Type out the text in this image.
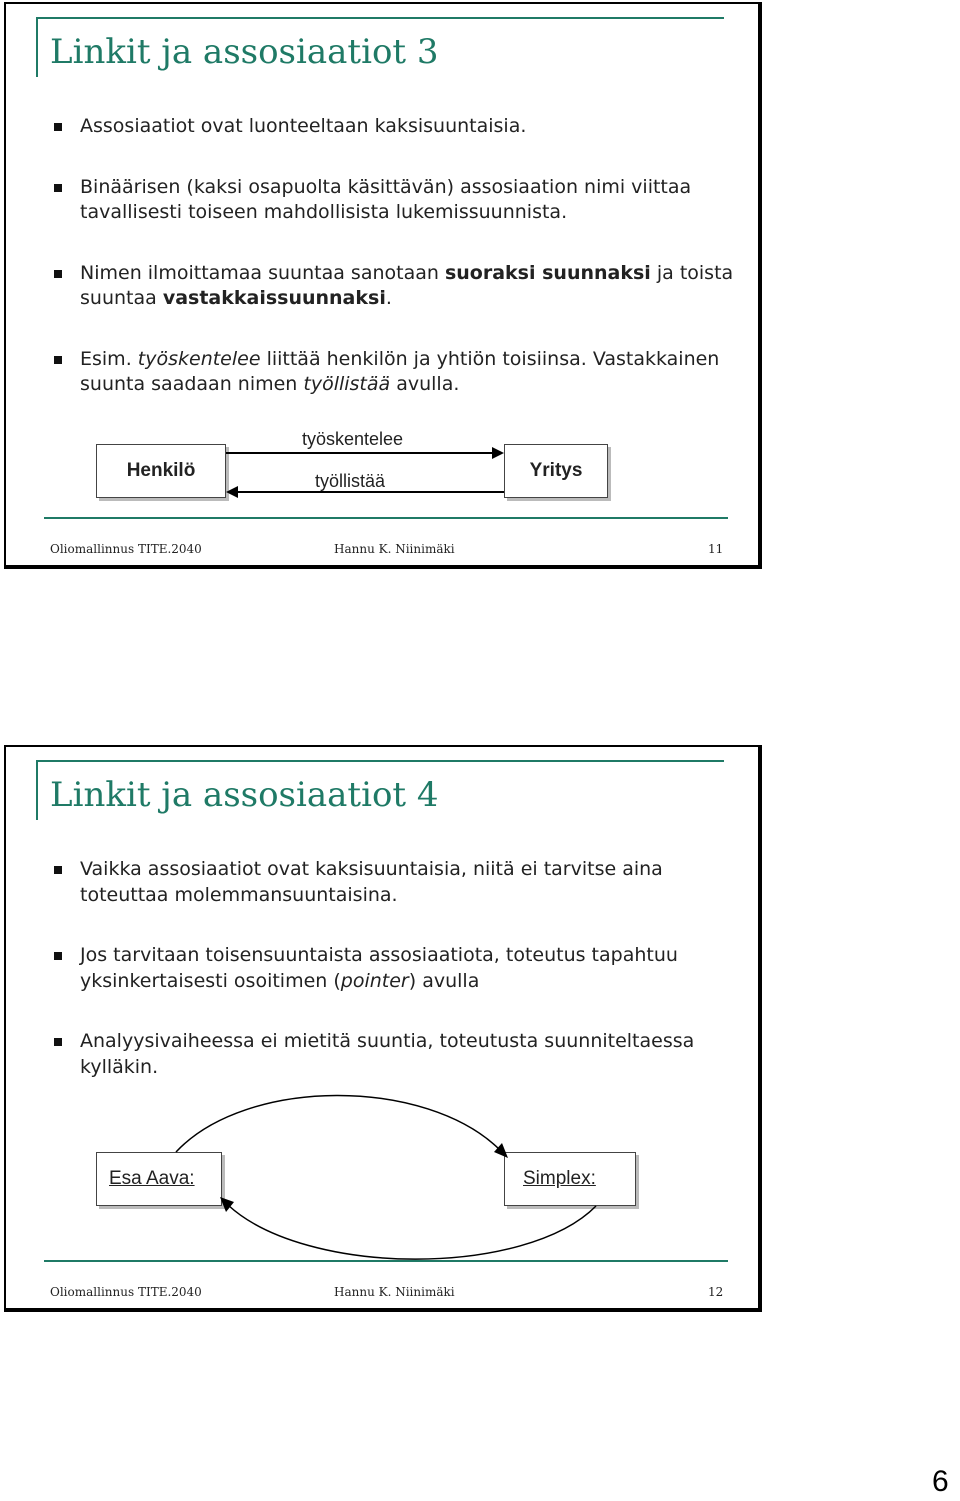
Linkit ja assosiaatiot 3
Assosiaatiot ovat luonteeltaan kaksisuuntaisia.
Binäärisen (kaksi osapuolta käsittävän) assosiaation nimi viittaa tavallisesti toiseen mahdollisista lukemissuunnista.
Nimen ilmoittamaa suuntaa sanotaan suoraksi suunnaksi ja toista suuntaa vastakkaissuunnaksi.
Esim. työskentelee liittää henkilön ja yhtiön toisiinsa. Vastakkainen suunta saadaan nimen työllistää avulla.
Henkilö	Yritys
työskentelee
työllistää
Oliomallinnus TITE.2040	Hannu K. Niinimäki	11
Linkit ja assosiaatiot 4
Vaikka assosiaatiot ovat kaksisuuntaisia, niitä ei tarvitse aina toteuttaa molemmansuuntaisina.
Jos tarvitaan toisensuuntaista assosiaatiota, toteutus tapahtuu yksinkertaisesti osoitimen (pointer) avulla
Analyysivaiheessa ei mietitä suuntia, toteutusta suunniteltaessa kylläkin.
Esa Aava:	Simplex:
Oliomallinnus TITE.2040	Hannu K. Niinimäki	12
6
